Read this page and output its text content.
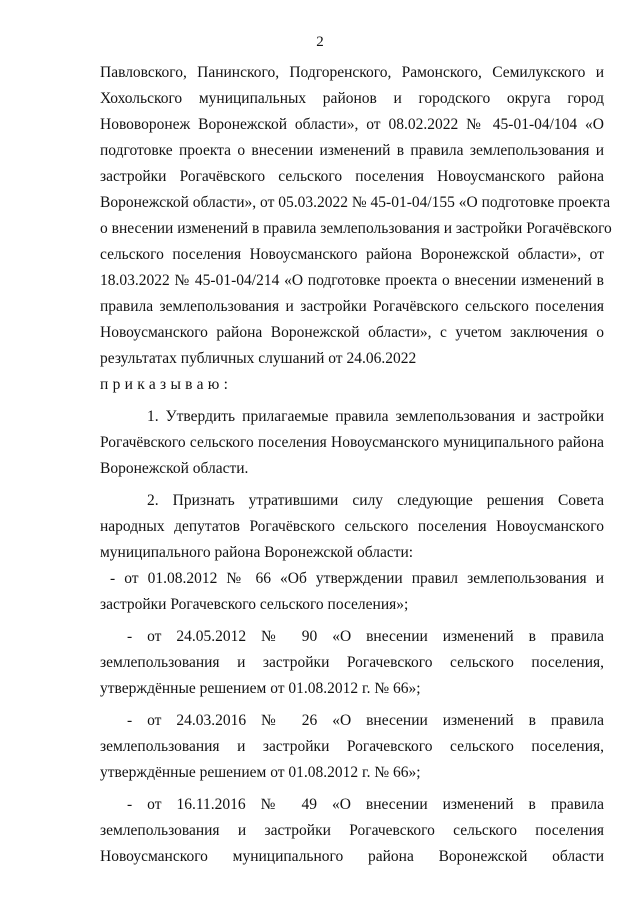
2
Павловского, Панинского, Подгоренского, Рамонского, Семилукского и
Хохольского муниципальных районов и городского округа город
Нововоронеж Воронежской области», от 08.02.2022 № 45-01-04/104 «О
подготовке проекта о внесении изменений в правила землепользования и
застройки Рогачёвского сельского поселения Новоусманского района
Воронежской области», от 05.03.2022 № 45-01-04/155 «О подготовке проекта
о внесении изменений в правила землепользования и застройки Рогачёвского
сельского поселения Новоусманского района Воронежской области», от
18.03.2022 № 45-01-04/214 «О подготовке проекта о внесении изменений в
правила землепользования и застройки Рогачёвского сельского поселения
Новоусманского района Воронежской области», с учетом заключения о
результатах публичных слушаний от 24.06.2022
приказываю:
1. Утвердить прилагаемые правила землепользования и застройки
Рогачёвского сельского поселения Новоусманского муниципального района
Воронежской области.
2. Признать утратившими силу следующие решения Совета
народных депутатов Рогачёвского сельского поселения Новоусманского
муниципального района Воронежской области:
- от 01.08.2012 № 66 «Об утверждении правил землепользования и
застройки Рогачевского сельского поселения»;
- от 24.05.2012 № 90 «О внесении изменений в правила
землепользования и застройки Рогачевского сельского поселения,
утверждённые решением от 01.08.2012 г. № 66»;
- от 24.03.2016 № 26 «О внесении изменений в правила
землепользования и застройки Рогачевского сельского поселения,
утверждённые решением от 01.08.2012 г. № 66»;
- от 16.11.2016 № 49 «О внесении изменений в правила
землепользования и застройки Рогачевского сельского поселения
Новоусманского муниципального района Воронежской области
